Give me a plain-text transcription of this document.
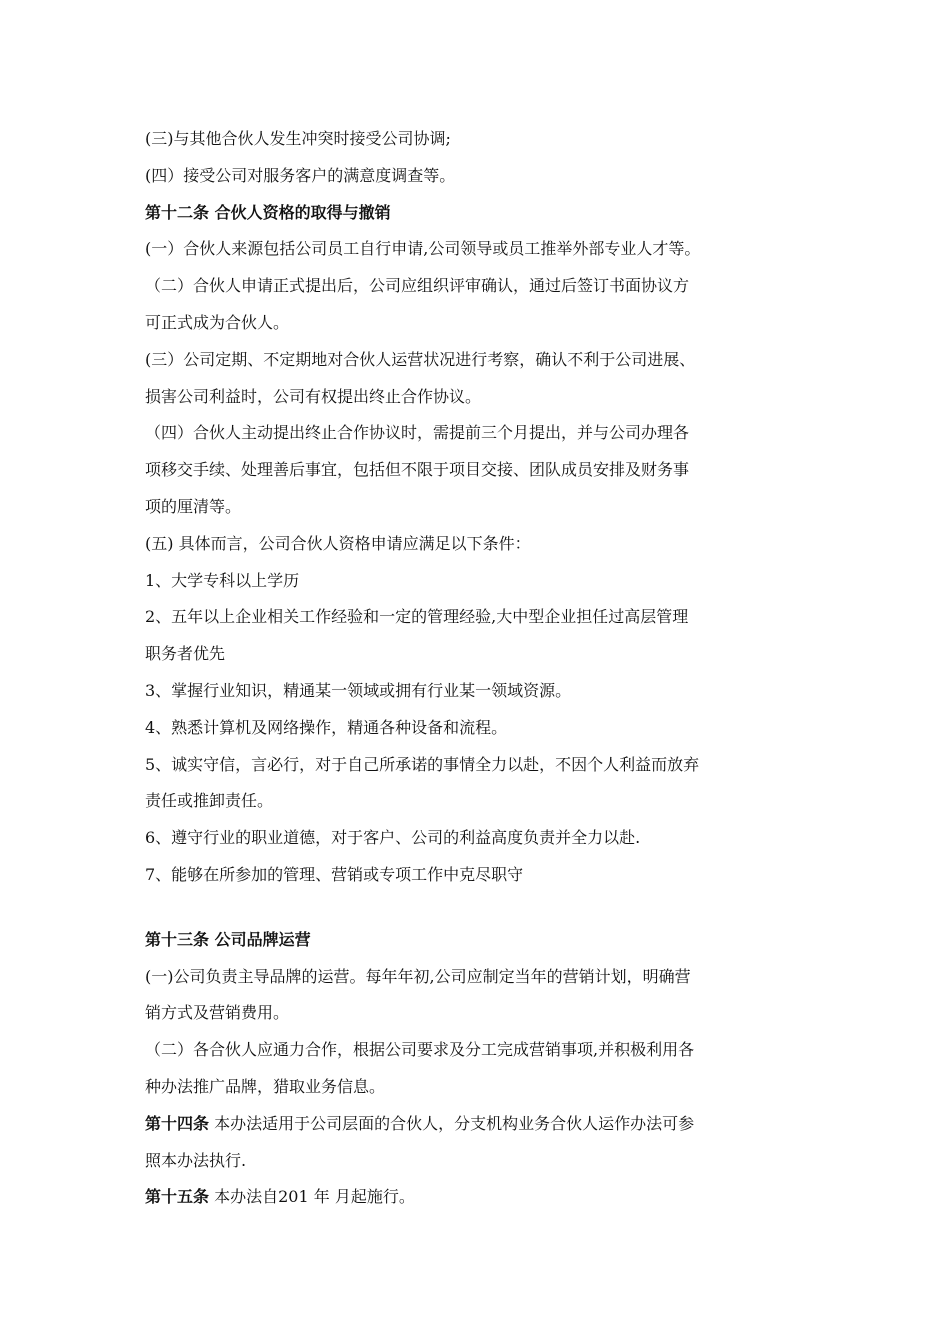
(三)与其他合伙人发生冲突时接受公司协调;
(四）接受公司对服务客户的满意度调查等。
第十二条 合伙人资格的取得与撤销
(一）合伙人来源包括公司员工自行申请,公司领导或员工推举外部专业人才等。
（二）合伙人申请正式提出后，公司应组织评审确认，通过后签订书面协议方
可正式成为合伙人。
(三）公司定期、不定期地对合伙人运营状况进行考察，确认不利于公司进展、
损害公司利益时，公司有权提出终止合作协议。
（四）合伙人主动提出终止合作协议时，需提前三个月提出，并与公司办理各
项移交手续、处理善后事宜，包括但不限于项目交接、团队成员安排及财务事
项的厘清等。
(五) 具体而言，公司合伙人资格申请应满足以下条件：
1、大学专科以上学历
2、五年以上企业相关工作经验和一定的管理经验,大中型企业担任过高层管理
职务者优先
3、掌握行业知识，精通某一领域或拥有行业某一领域资源。
4、熟悉计算机及网络操作，精通各种设备和流程。
5、诚实守信，言必行，对于自己所承诺的事情全力以赴，不因个人利益而放弃
责任或推卸责任。
6、遵守行业的职业道德，对于客户、公司的利益高度负责并全力以赴.
7、能够在所参加的管理、营销或专项工作中克尽职守
第十三条 公司品牌运营
(一)公司负责主导品牌的运营。每年年初,公司应制定当年的营销计划，明确营
销方式及营销费用。
（二）各合伙人应通力合作，根据公司要求及分工完成营销事项,并积极利用各
种办法推广品牌，猎取业务信息。
第十四条 本办法适用于公司层面的合伙人，分支机构业务合伙人运作办法可参
照本办法执行.
第十五条 本办法自201 年 月起施行。
